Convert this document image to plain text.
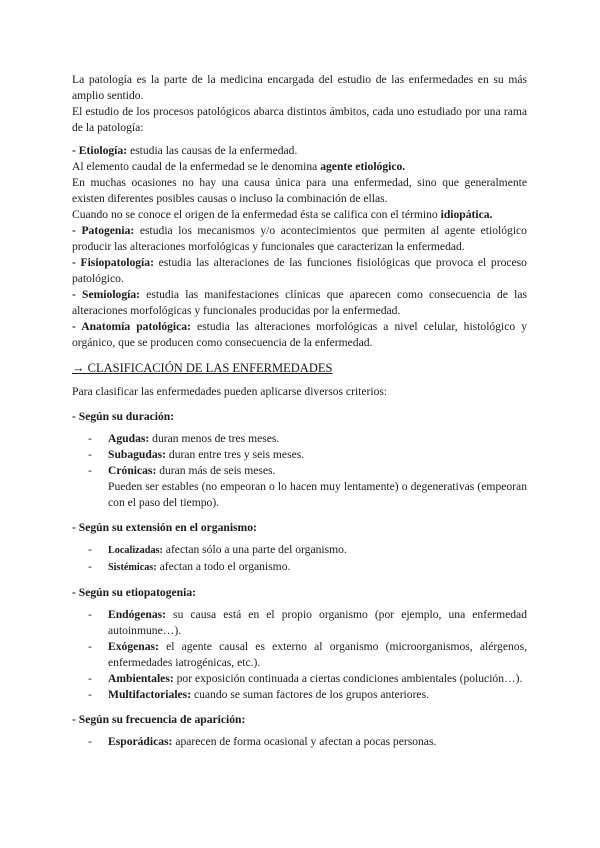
La patología es la parte de la medicina encargada del estudio de las enfermedades en su más amplio sentido.

El estudio de los procesos patológicos abarca distintos ámbitos, cada uno estudiado por una rama de la patología:

- Etiología: estudia las causas de la enfermedad.

Al elemento caudal de la enfermedad se le denomina agente etiológico.

En muchas ocasiones no hay una causa única para una enfermedad, sino que generalmente existen diferentes posibles causas o incluso la combinación de ellas.

Cuando no se conoce el origen de la enfermedad ésta se califica con el término idiopática.

- Patogenia: estudia los mecanismos y/o acontecimientos que permiten al agente etiológico producir las alteraciones morfológicas y funcionales que caracterizan la enfermedad.

- Fisiopatología: estudia las alteraciones de las funciones fisiológicas que provoca el proceso patológico.

- Semiología: estudia las manifestaciones clínicas que aparecen como consecuencia de las alteraciones morfológicas y funcionales producidas por la enfermedad.

- Anatomía patológica: estudia las alteraciones morfológicas a nivel celular, histológico y orgánico, que se producen como consecuencia de la enfermedad.

→ CLASIFICACIÓN DE LAS ENFERMEDADES

Para clasificar las enfermedades pueden aplicarse diversos criterios:

- Según su duración:

- Agudas: duran menos de tres meses.
- Subagudas: duran entre tres y seis meses.
- Crónicas: duran más de seis meses.
Pueden ser estables (no empeoran o lo hacen muy lentamente) o degenerativas (empeoran con el paso del tiempo).

- Según su extensión en el organismo:

- Localizadas: afectan sólo a una parte del organismo.
- Sistémicas: afectan a todo el organismo.

- Según su etiopatogenia:

- Endógenas: su causa está en el propio organismo (por ejemplo, una enfermedad autoinmune…).
- Exógenas: el agente causal es externo al organismo (microorganismos, alérgenos, enfermedades iatrogénicas, etc.).
- Ambientales: por exposición continuada a ciertas condiciones ambientales (polución…).
- Multifactoriales: cuando se suman factores de los grupos anteriores.

- Según su frecuencia de aparición:

- Esporádicas: aparecen de forma ocasional y afectan a pocas personas.
